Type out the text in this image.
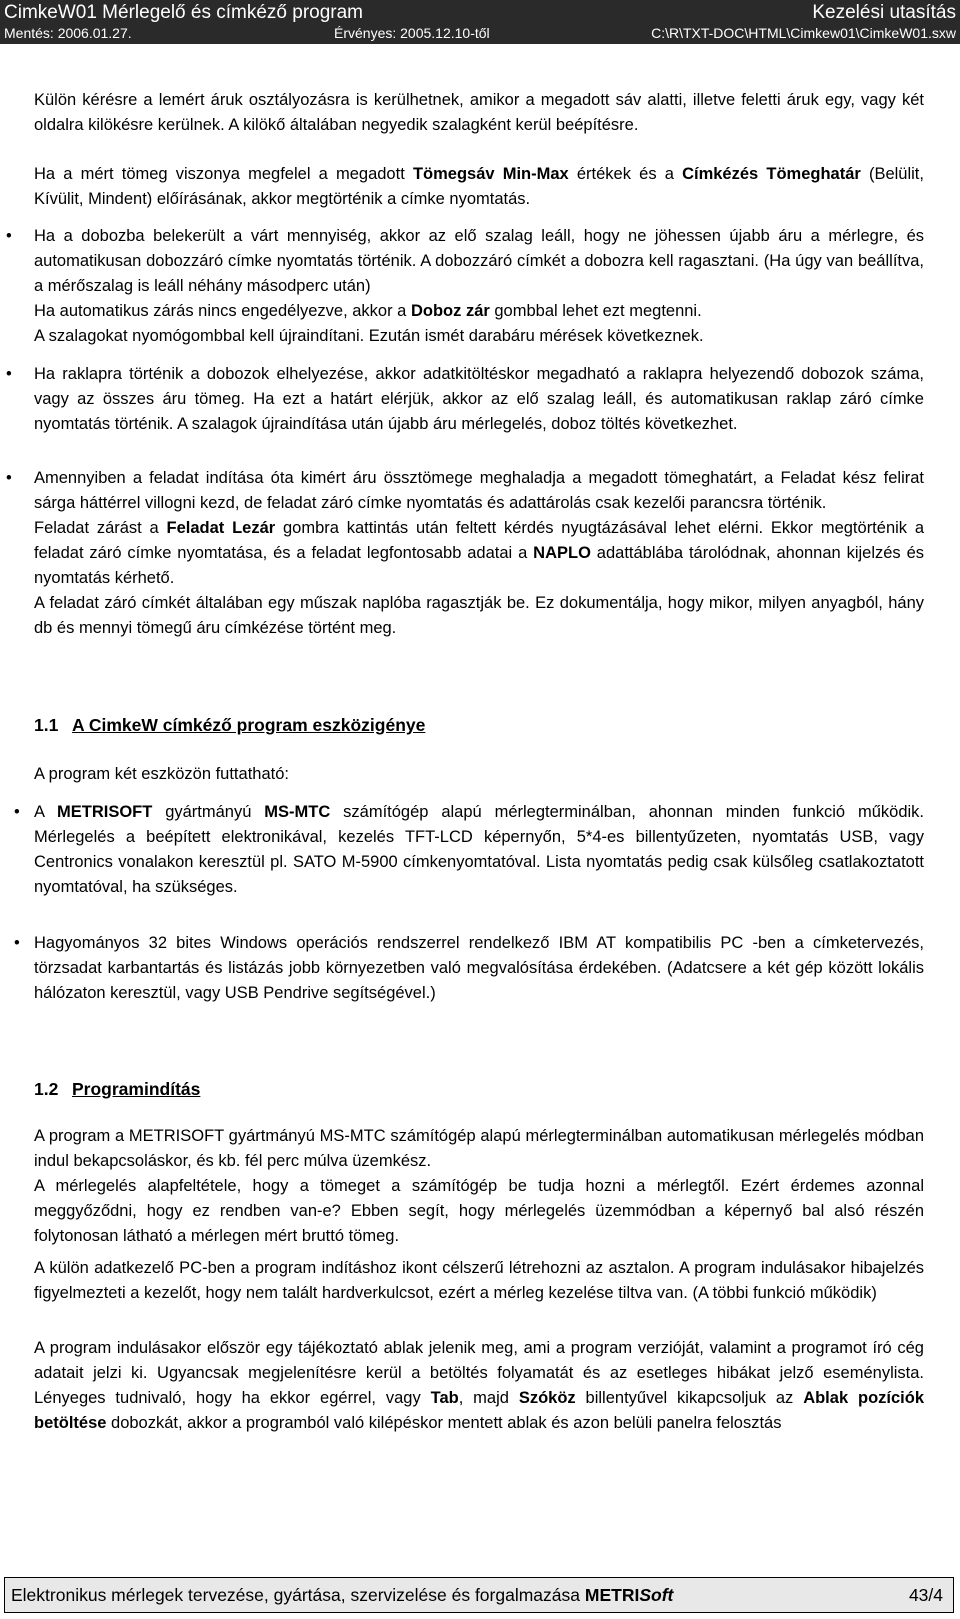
CimkeW01 Mérlegelő és címkéző program	Kezelési utasítás
Mentés: 2006.01.27.	Érvényes: 2005.12.10-től	C:\R\TXT-DOC\HTML\Cimkew01\CimkeW01.sxw
Külön kérésre a lemért áruk osztályozásra is kerülhetnek, amikor a megadott sáv alatti, illetve feletti áruk egy, vagy két oldalra kilökésre kerülnek. A kilökő általában negyedik szalagként kerül beépítésre.
Ha a mért tömeg viszonya megfelel a megadott Tömegsáv Min-Max értékek és a Címkézés Tömeghatár (Belülit, Kívülit, Mindent) előírásának, akkor megtörténik a címke nyomtatás.
• Ha a dobozba belekerült a várt mennyiség, akkor az elő szalag leáll, hogy ne jöhessen újabb áru a mérlegre, és automatikusan dobozzáró címke nyomtatás történik. A dobozzáró címkét a dobozra kell ragasztani. (Ha úgy van beállítva, a mérőszalag is leáll néhány másodperc után)
Ha automatikus zárás nincs engedélyezve, akkor a Doboz zár gombbal lehet ezt megtenni.
A szalagokat nyomógombbal kell újraindítani. Ezután ismét darabáru mérések következnek.
• Ha raklapra történik a dobozok elhelyezése, akkor adatkitöltéskor megadható a raklapra helyezendő dobozok száma, vagy az összes áru tömeg. Ha ezt a határt elérjük, akkor az elő szalag leáll, és automatikusan raklap záró címke nyomtatás történik. A szalagok újraindítása után újabb áru mérlegelés, doboz töltés következhet.
• Amennyiben a feladat indítása óta kimért áru össztömege meghaladja a megadott tömeghatárt, a Feladat kész felirat sárga háttérrel villogni kezd, de feladat záró címke nyomtatás és adattárolás csak kezelői parancsra történik.
Feladat zárást a Feladat Lezár gombra kattintás után feltett kérdés nyugtázásával lehet elérni. Ekkor megtörténik a feladat záró címke nyomtatása, és a feladat legfontosabb adatai a NAPLO adattáblába tárolódnak, ahonnan kijelzés és nyomtatás kérhető.
A feladat záró címkét általában egy műszak naplóba ragasztják be. Ez dokumentálja, hogy mikor, milyen anyagból, hány db és mennyi tömegű áru címkézése történt meg.
1.1 A CimkeW címkéző program eszközigénye
A program két eszközön futtatható:
• A METRISOFT gyártmányú MS-MTC számítógép alapú mérlegterminálban, ahonnan minden funkció működik. Mérlegelés a beépített elektronikával, kezelés TFT-LCD képernyőn, 5*4-es billentyűzeten, nyomtatás USB, vagy Centronics vonalakon keresztül pl. SATO M-5900 címkenyomtatóval. Lista nyomtatás pedig csak külsőleg csatlakoztatott nyomtatóval, ha szükséges.
• Hagyományos 32 bites Windows operációs rendszerrel rendelkező IBM AT kompatibilis PC -ben a címketervezés, törzsadat karbantartás és listázás jobb környezetben való megvalósítása érdekében. (Adatcsere a két gép között lokális hálózaton keresztül, vagy USB Pendrive segítségével.)
1.2 Programindítás
A program a METRISOFT gyártmányú MS-MTC számítógép alapú mérlegterminálban automatikusan mérlegelés módban indul bekapcsoláskor, és kb. fél perc múlva üzemkész.
A mérlegelés alapfeltétele, hogy a tömeget a számítógép be tudja hozni a mérlegtől. Ezért érdemes azonnal meggyőződni, hogy ez rendben van-e? Ebben segít, hogy mérlegelés üzemmódban a képernyő bal alsó részén folytonosan látható a mérlegen mért bruttó tömeg.
A külön adatkezelő PC-ben a program indításhoz ikont célszerű létrehozni az asztalon. A program indulásakor hibajelzés figyelmezteti a kezelőt, hogy nem talált hardverkulcsot, ezért a mérleg kezelése tiltva van. (A többi funkció működik)
A program indulásakor először egy tájékoztató ablak jelenik meg, ami a program verzióját, valamint a programot író cég adatait jelzi ki. Ugyancsak megjelenítésre kerül a betöltés folyamatát és az esetleges hibákat jelző eseménylista. Lényeges tudnivaló, hogy ha ekkor egérrel, vagy Tab, majd Szóköz billentyűvel kikapcsoljuk az Ablak pozíciók betöltése dobozkát, akkor a programból való kilépéskor mentett ablak és azon belüli panelra felosztás
Elektronikus mérlegek tervezése, gyártása, szervizelése és forgalmazása METRISoft	43/4
